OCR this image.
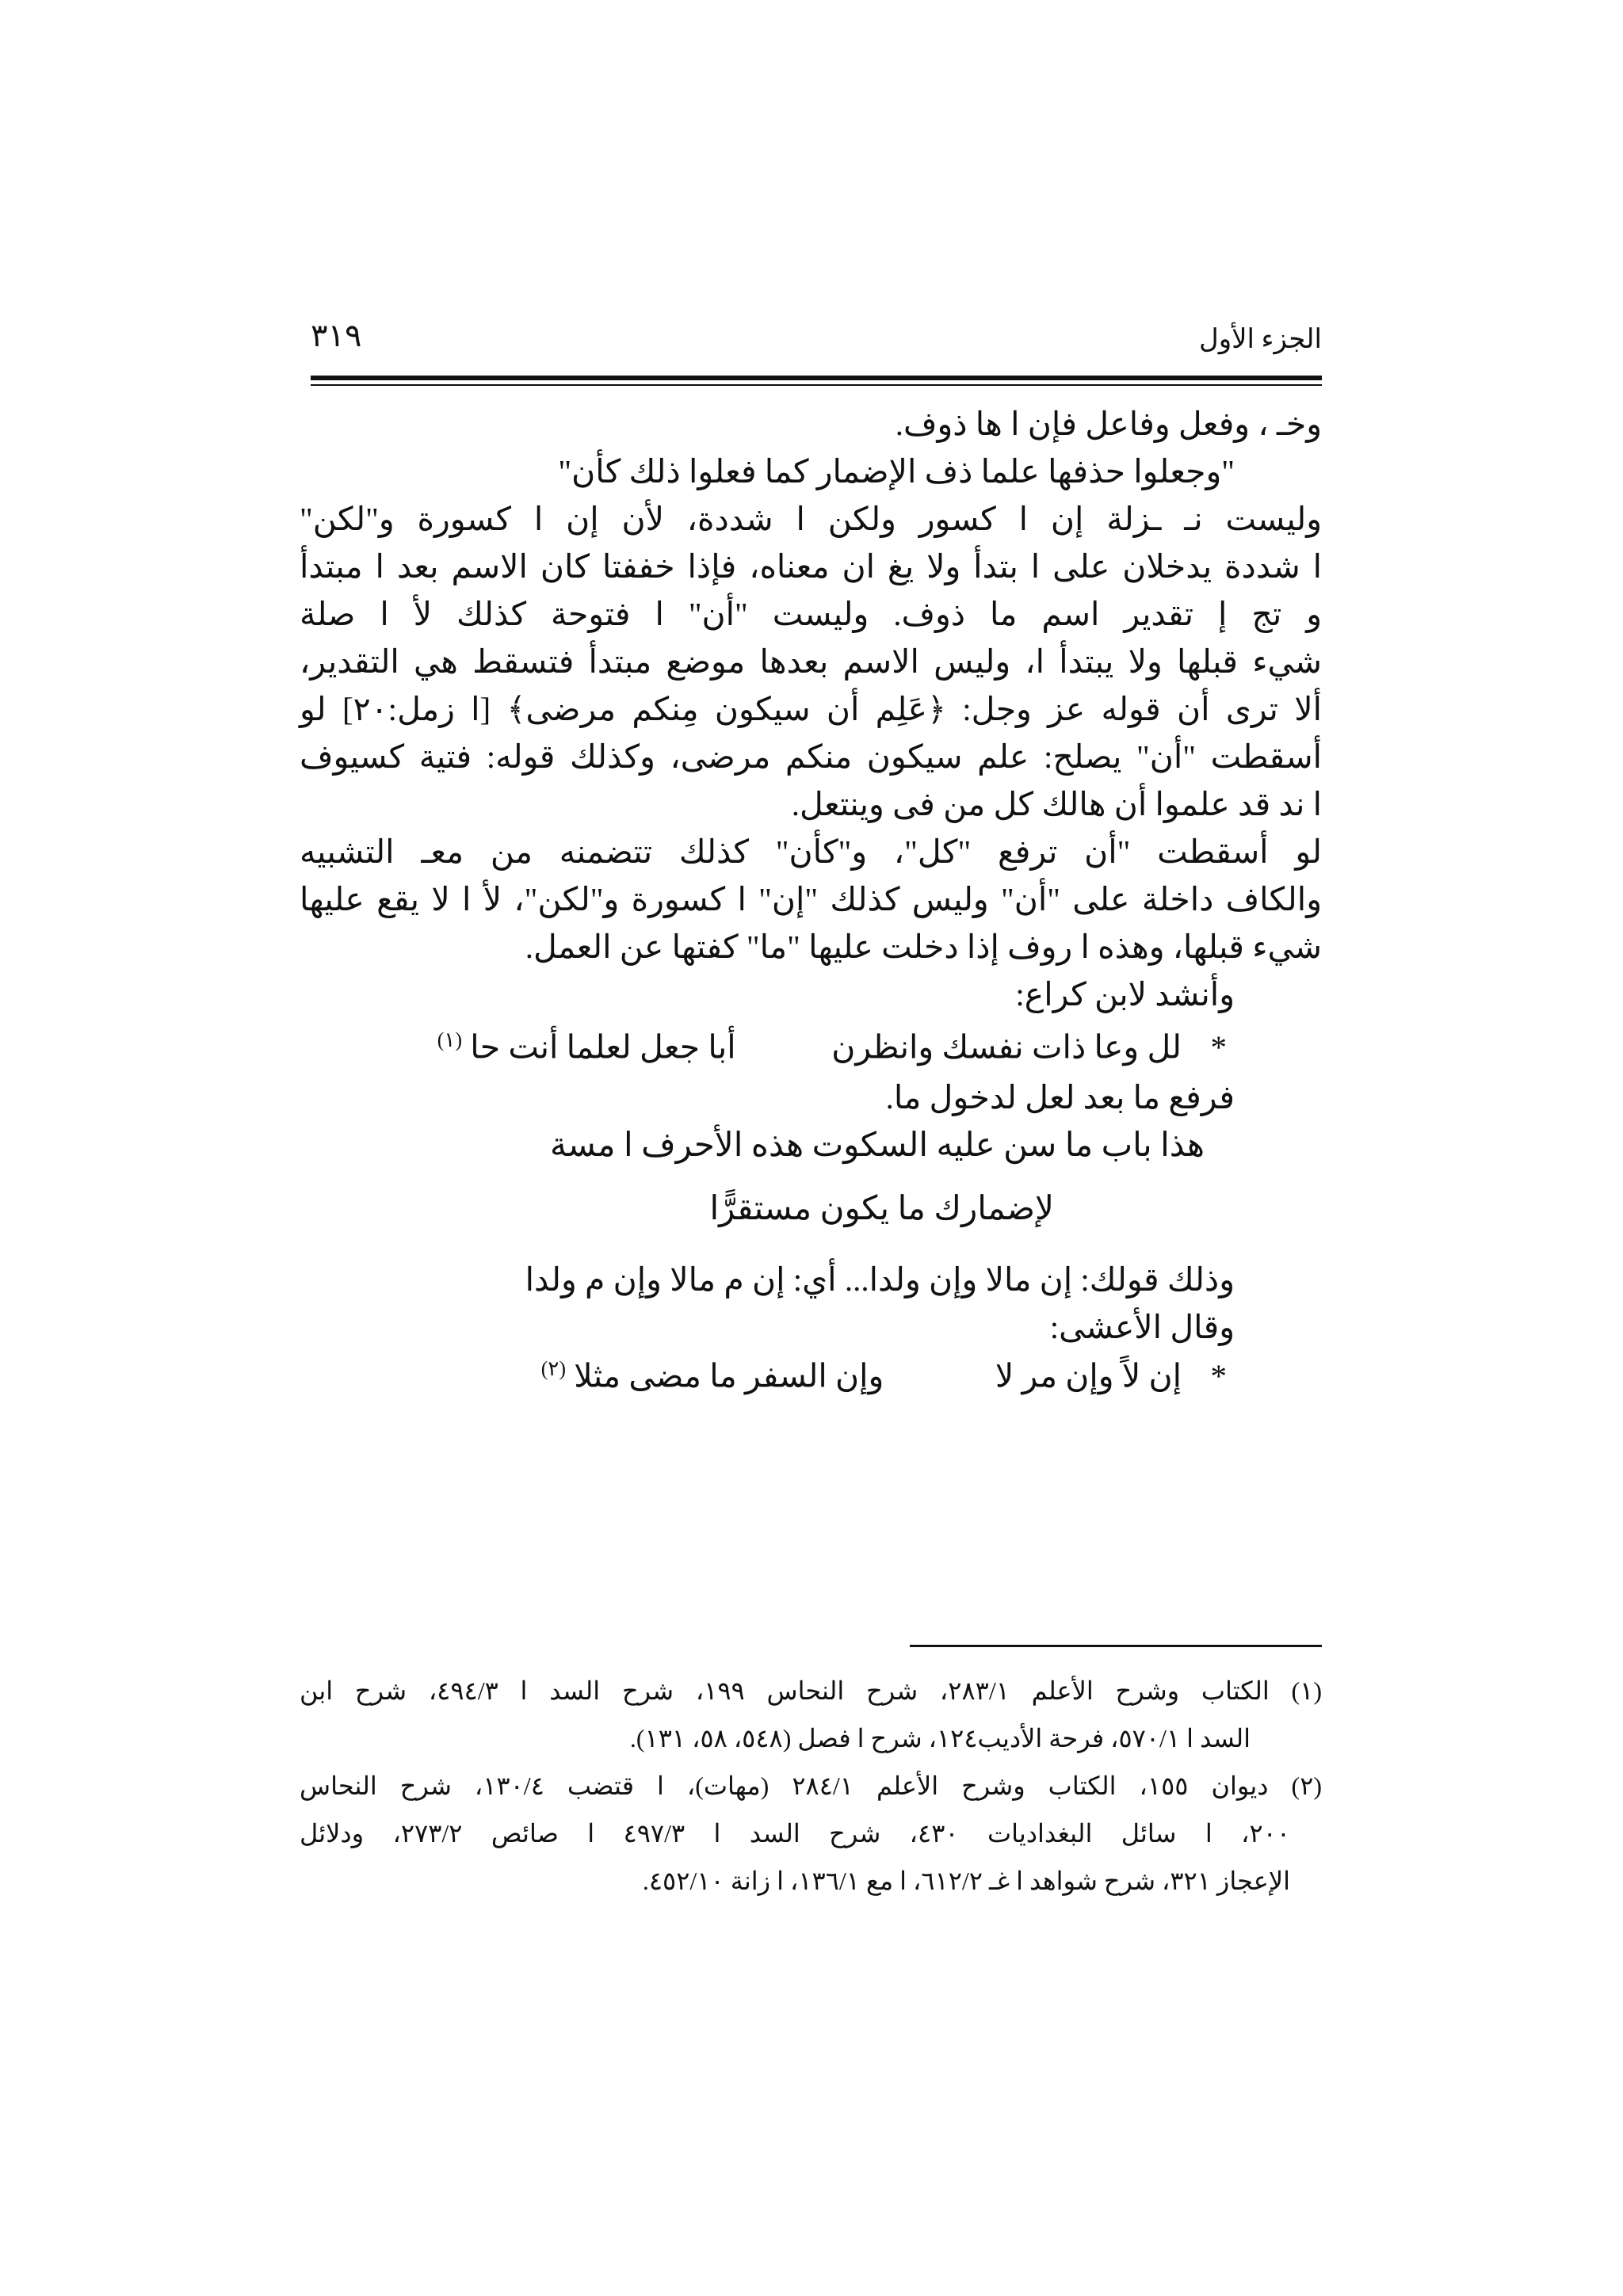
الجزء الأول
٣١٩
وخـ ، وفعل وفاعل فإن ا ها ذوف.
"وجعلوا حذفها علما ذف الإضمار كما فعلوا ذلك كأن"
وليست نـ ـزلة إن ا كسور ولكن ا شددة، لأن إن ا كسورة و"لكن"
ا شددة يدخلان على ا بتدأ ولا يغ ان معناه، فإذا خففتا كان الاسم بعد ا مبتدأ
و تج إ تقدير اسم ما ذوف. وليست "أن" ا فتوحة كذلك لأ ا صلة
شيء قبلها ولا يبتدأ ا، وليس الاسم بعدها موضع مبتدأ فتسقط هي التقدير،
ألا ترى أن قوله عز وجل: ﴿عَلِم أن سيكون مِنكم مرضى﴾ [ا زمل:٢٠] لو
أسقطت "أن" يصلح: علم سيكون منكم مرضى، وكذلك قوله: فتية كسيوف
ا ند قد علموا أن هالك كل من فى وينتعل.
لو أسقطت "أن ترفع "كل"، و"كأن" كذلك تتضمنه من معـ التشبيه
والكاف داخلة على "أن" وليس كذلك "إن" ا كسورة و"لكن"، لأ ا لا يقع عليها
شيء قبلها، وهذه ا روف إذا دخلت عليها "ما" كفتها عن العمل.
وأنشد لابن كراع:
*  لل وعا ذات نفسك وانظرن  أبا جعل لعلما أنت حا $^{(١)}$
فرفع ما بعد لعل لدخول ما.
هذا باب ما سن عليه السكوت هذه الأحرف ا مسة
لإضمارك ما يكون مستقرًّا
وذلك قولك: إن مالا وإن ولدا... أي: إن م مالا وإن م ولدا
وقال الأعشى:
*  إن لاً وإن مر لا  وإن السفر ما مضى مثلا $^{(٢)}$
(١) الكتاب وشرح الأعلم ٢٨٣/١، شرح النحاس ١٩٩، شرح السد ا ٤٩٤/٣، شرح ابن
السد ا ٥٧٠/١، فرحة الأديب١٢٤، شرح ا فصل (٥٤٨، ٥٨، ١٣١).
(٢) ديوان ١٥٥، الكتاب وشرح الأعلم ٢٨٤/١ (مهات)، ا قتضب ١٣٠/٤، شرح النحاس
٢٠٠، ا سائل البغداديات ٤٣٠، شرح السد ا ٤٩٧/٣ ا صائص ٢٧٣/٢، ودلائل
الإعجاز ٣٢١، شرح شواهد ا غـ ٦١٢/٢، ا مع ١٣٦/١، ا زانة ٤٥٢/١٠.
